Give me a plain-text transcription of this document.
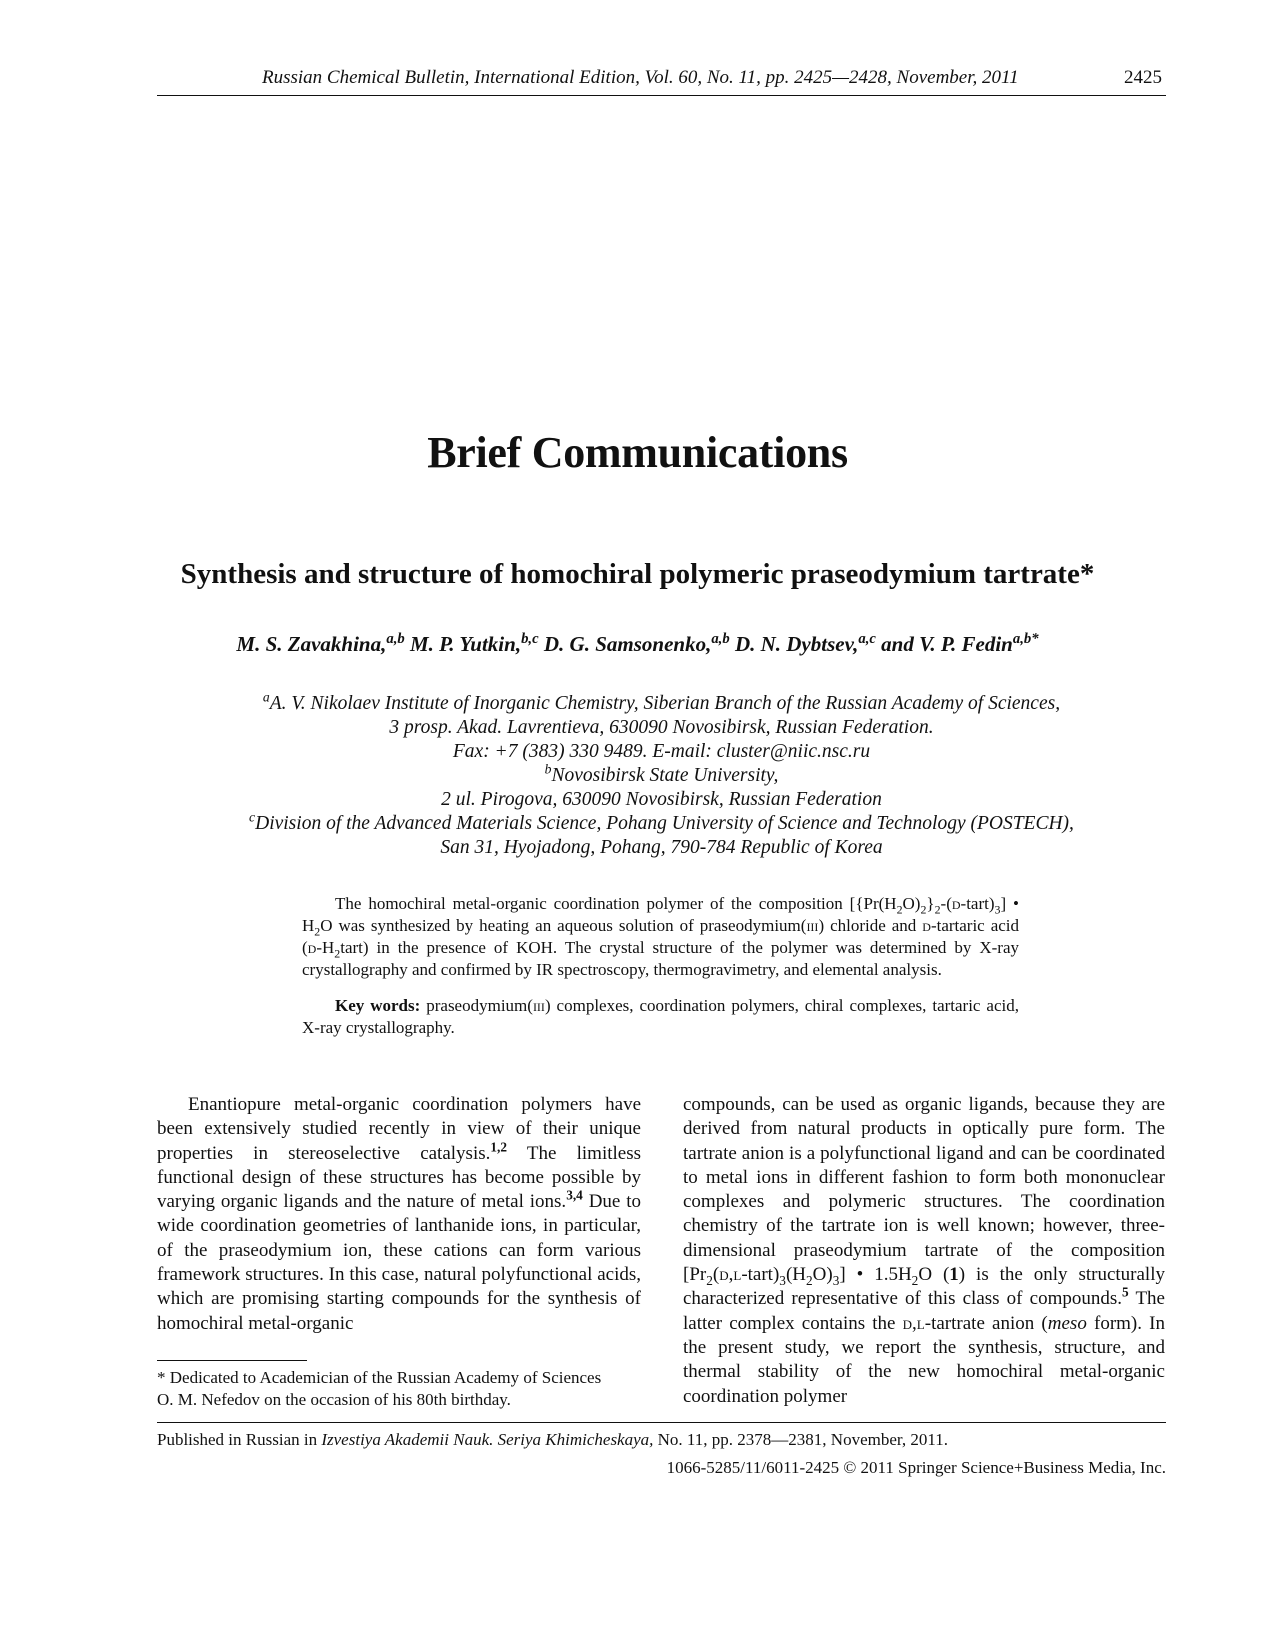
Russian Chemical Bulletin, International Edition, Vol. 60, No. 11, pp. 2425—2428, November, 2011	2425
Brief Communications
Synthesis and structure of homochiral polymeric praseodymium tartrate*
M. S. Zavakhina,$^{a,b}$ M. P. Yutkin,$^{b,c}$ D. G. Samsonenko,$^{a,b}$ D. N. Dybtsev,$^{a,c}$ and V. P. Fedin$^{a,b*}$
$^a$A. V. Nikolaev Institute of Inorganic Chemistry, Siberian Branch of the Russian Academy of Sciences,
3 prosp. Akad. Lavrentieva, 630090 Novosibirsk, Russian Federation.
Fax: +7 (383) 330 9489. E-mail: cluster@niic.nsc.ru
$^b$Novosibirsk State University,
2 ul. Pirogova, 630090 Novosibirsk, Russian Federation
$^c$Division of the Advanced Materials Science, Pohang University of Science and Technology (POSTECH),
San 31, Hyojadong, Pohang, 790-784 Republic of Korea
The homochiral metal-organic coordination polymer of the composition $[\{Pr(H_2O)_2\}_2-(d-tart)_3]$ • $H_2O$ was synthesized by heating an aqueous solution of praseodymium(iii) chloride and d-tartaric acid $(d-H_2tart)$ in the presence of KOH. The crystal structure of the polymer was determined by X-ray crystallography and confirmed by IR spectroscopy, thermogravimetry, and elemental analysis.
Key words: praseodymium(iii) complexes, coordination polymers, chiral complexes, tartaric acid, X-ray crystallography.
Enantiopure metal-organic coordination polymers have been extensively studied recently in view of their unique properties in stereoselective catalysis.$^{1,2}$ The limitless functional design of these structures has become possible by varying organic ligands and the nature of metal ions.$^{3,4}$ Due to wide coordination geometries of lanthanide ions, in particular, of the praseodymium ion, these cations can form various framework structures. In this case, natural polyfunctional acids, which are promising starting compounds for the synthesis of homochiral metal-organic
compounds, can be used as organic ligands, because they are derived from natural products in optically pure form. The tartrate anion is a polyfunctional ligand and can be coordinated to metal ions in different fashion to form both mononuclear complexes and polymeric structures. The coordination chemistry of the tartrate ion is well known; however, three-dimensional praseodymium tartrate of the composition $[Pr_2(d,l-tart)_3(H_2O)_3]$ • $1.5H_2O$ (1) is the only structurally characterized representative of this class of compounds.$^5$ The latter complex contains the d,l-tartrate anion (meso form). In the present study, we report the synthesis, structure, and thermal stability of the new homochiral metal-organic coordination polymer
* Dedicated to Academician of the Russian Academy of Sciences
O. M. Nefedov on the occasion of his 80th birthday.
Published in Russian in Izvestiya Akademii Nauk. Seriya Khimicheskaya, No. 11, pp. 2378—2381, November, 2011.
1066-5285/11/6011-2425 © 2011 Springer Science+Business Media, Inc.
